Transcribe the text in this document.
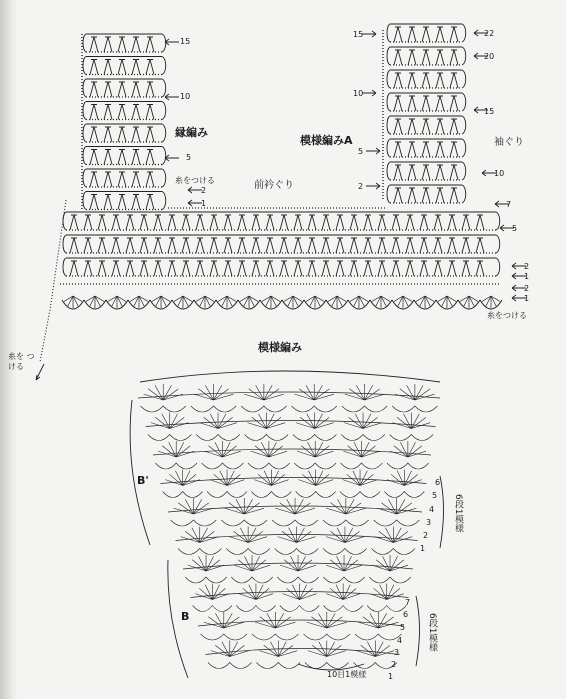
縁編み
模様編みA
前衿ぐり
袖ぐり
糸をつける
糸をつける
糸を つける
15
10
5
2
1
22
20
15
10
7
15
10
5
2
5
2
1
2
1
模様編み
B'
B
6段1模様
6段1模様
10目1模様
6
5
4
3
2
1
7
6
5
4
3
2
1
